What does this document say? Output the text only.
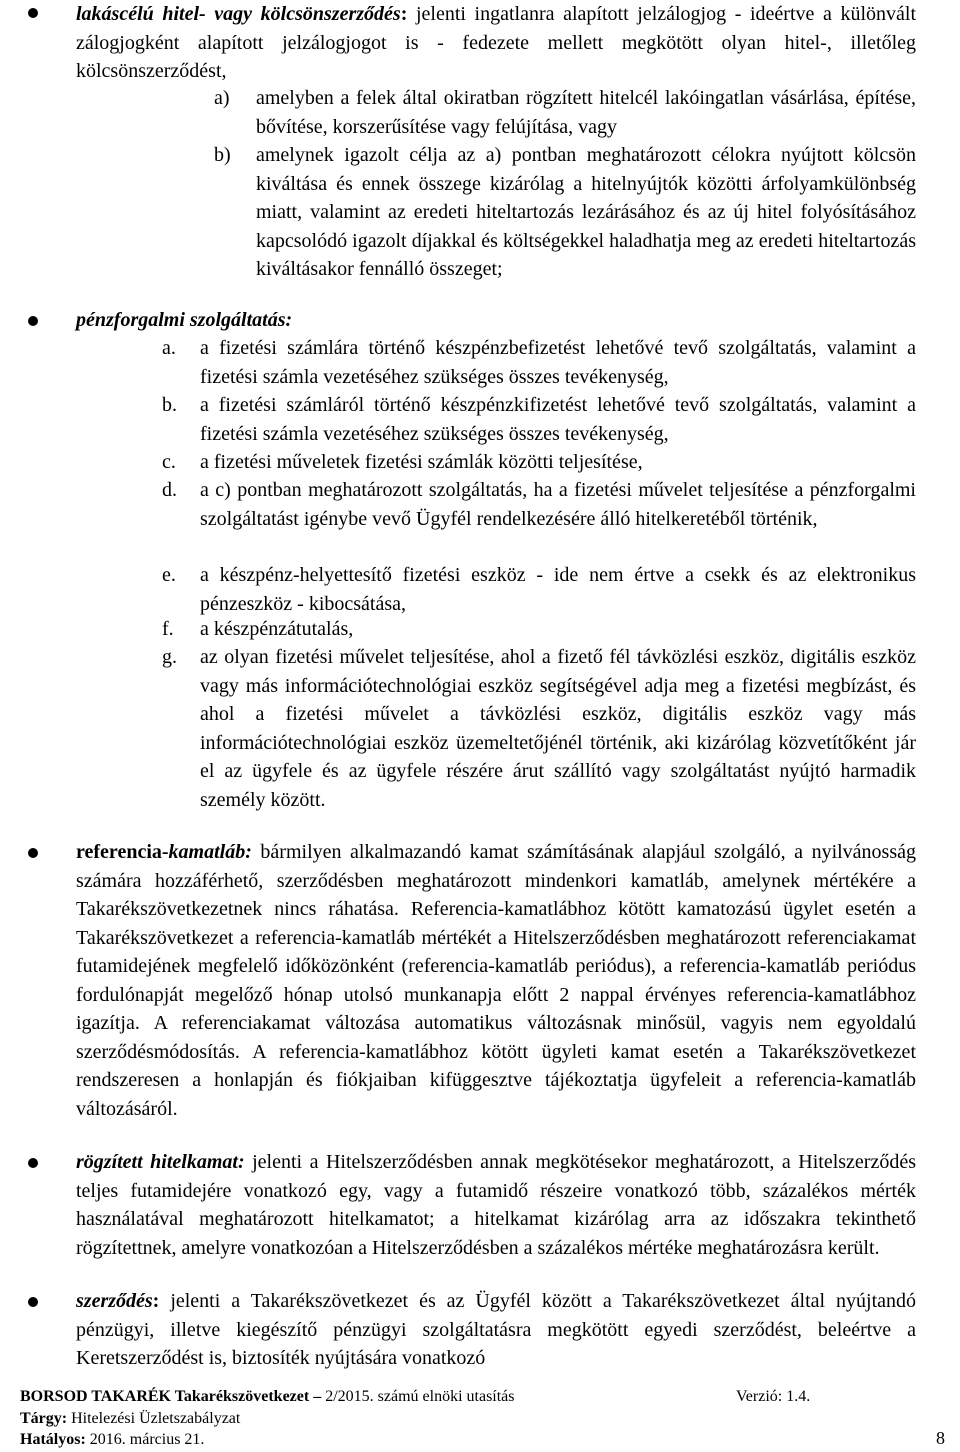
lakáscélú hitel- vagy kölcsönszerződés: jelenti ingatlanra alapított jelzálogjog - ideértve a különvált zálogjogként alapított jelzálogjogot is - fedezete mellett megkötött olyan hitel-, illetőleg kölcsönszerződést,

a) amelyben a felek által okiratban rögzített hitelcél lakóingatlan vásárlása, építése, bővítése, korszerűsítése vagy felújítása, vagy

b) amelynek igazolt célja az a) pontban meghatározott célokra nyújtott kölcsön kiváltása és ennek összege kizárólag a hitelnyújtók közötti árfolyamkülönbség miatt, valamint az eredeti hiteltartozás lezárásához és az új hitel folyósításához kapcsolódó igazolt díjakkal és költségekkel haladhatja meg az eredeti hiteltartozás kiváltásakor fennálló összeget;

pénzforgalmi szolgáltatás:

a. a fizetési számlára történő készpénzbefizetést lehetővé tevő szolgáltatás, valamint a fizetési számla vezetéséhez szükséges összes tevékenység,

b. a fizetési számláról történő készpénzkifizetést lehetővé tevő szolgáltatás, valamint a fizetési számla vezetéséhez szükséges összes tevékenység,

c. a fizetési műveletek fizetési számlák közötti teljesítése,

d. a c) pontban meghatározott szolgáltatás, ha a fizetési művelet teljesítése a pénzforgalmi szolgáltatást igénybe vevő Ügyfél rendelkezésére álló hitelkeretéből történik,

e. a készpénz-helyettesítő fizetési eszköz - ide nem értve a csekk és az elektronikus pénzeszköz - kibocsátása,

f. a készpénzátutalás,

g. az olyan fizetési művelet teljesítése, ahol a fizető fél távközlési eszköz, digitális eszköz vagy más információtechnológiai eszköz segítségével adja meg a fizetési megbízást, és ahol a fizetési művelet a távközlési eszköz, digitális eszköz vagy más információtechnológiai eszköz üzemeltetőjénél történik, aki kizárólag közvetítőként jár el az ügyfele és az ügyfele részére árut szállító vagy szolgáltatást nyújtó harmadik személy között.

referencia-kamatláb: bármilyen alkalmazandó kamat számításának alapjául szolgáló, a nyilvánosság számára hozzáférhető, szerződésben meghatározott mindenkori kamatláb, amelynek mértékére a Takarékszövetkezetnek nincs ráhatása. Referencia-kamatlábhoz kötött kamatozású ügylet esetén a Takarékszövetkezet a referencia-kamatláb mértékét a Hitelszerződésben meghatározott referenciakamat futamidejének megfelelő időközönként (referencia-kamatláb periódus), a referencia-kamatláb periódus fordulónapját megelőző hónap utolsó munkanapja előtt 2 nappal érvényes referencia-kamatlábhoz igazítja. A referenciakamat változása automatikus változásnak minősül, vagyis nem egyoldalú szerződésmódosítás. A referencia-kamatlábhoz kötött ügyleti kamat esetén a Takarékszövetkezet rendszeresen a honlapján és fiókjaiban kifüggesztve tájékoztatja ügyfeleit a referencia-kamatláb változásáról.

rögzített hitelkamat: jelenti a Hitelszerződésben annak megkötésekor meghatározott, a Hitelszerződés teljes futamidejére vonatkozó egy, vagy a futamidő részeire vonatkozó több, százalékos mérték használatával meghatározott hitelkamatot; a hitelkamat kizárólag arra az időszakra tekinthető rögzítettnek, amelyre vonatkozóan a Hitelszerződésben a százalékos mértéke meghatározásra került.

szerződés: jelenti a Takarékszövetkezet és az Ügyfél között a Takarékszövetkezet által nyújtandó pénzügyi, illetve kiegészítő pénzügyi szolgáltatásra megkötött egyedi szerződést, beleértve a Keretszerződést is, biztosíték nyújtására vonatkozó

BORSOD TAKARÉK Takarékszövetkezet – 2/2015. számú elnöki utasítás	Verzió: 1.4.
Tárgy: Hitelezési Üzletszabályzat
Hatályos: 2016. március 21.	8
